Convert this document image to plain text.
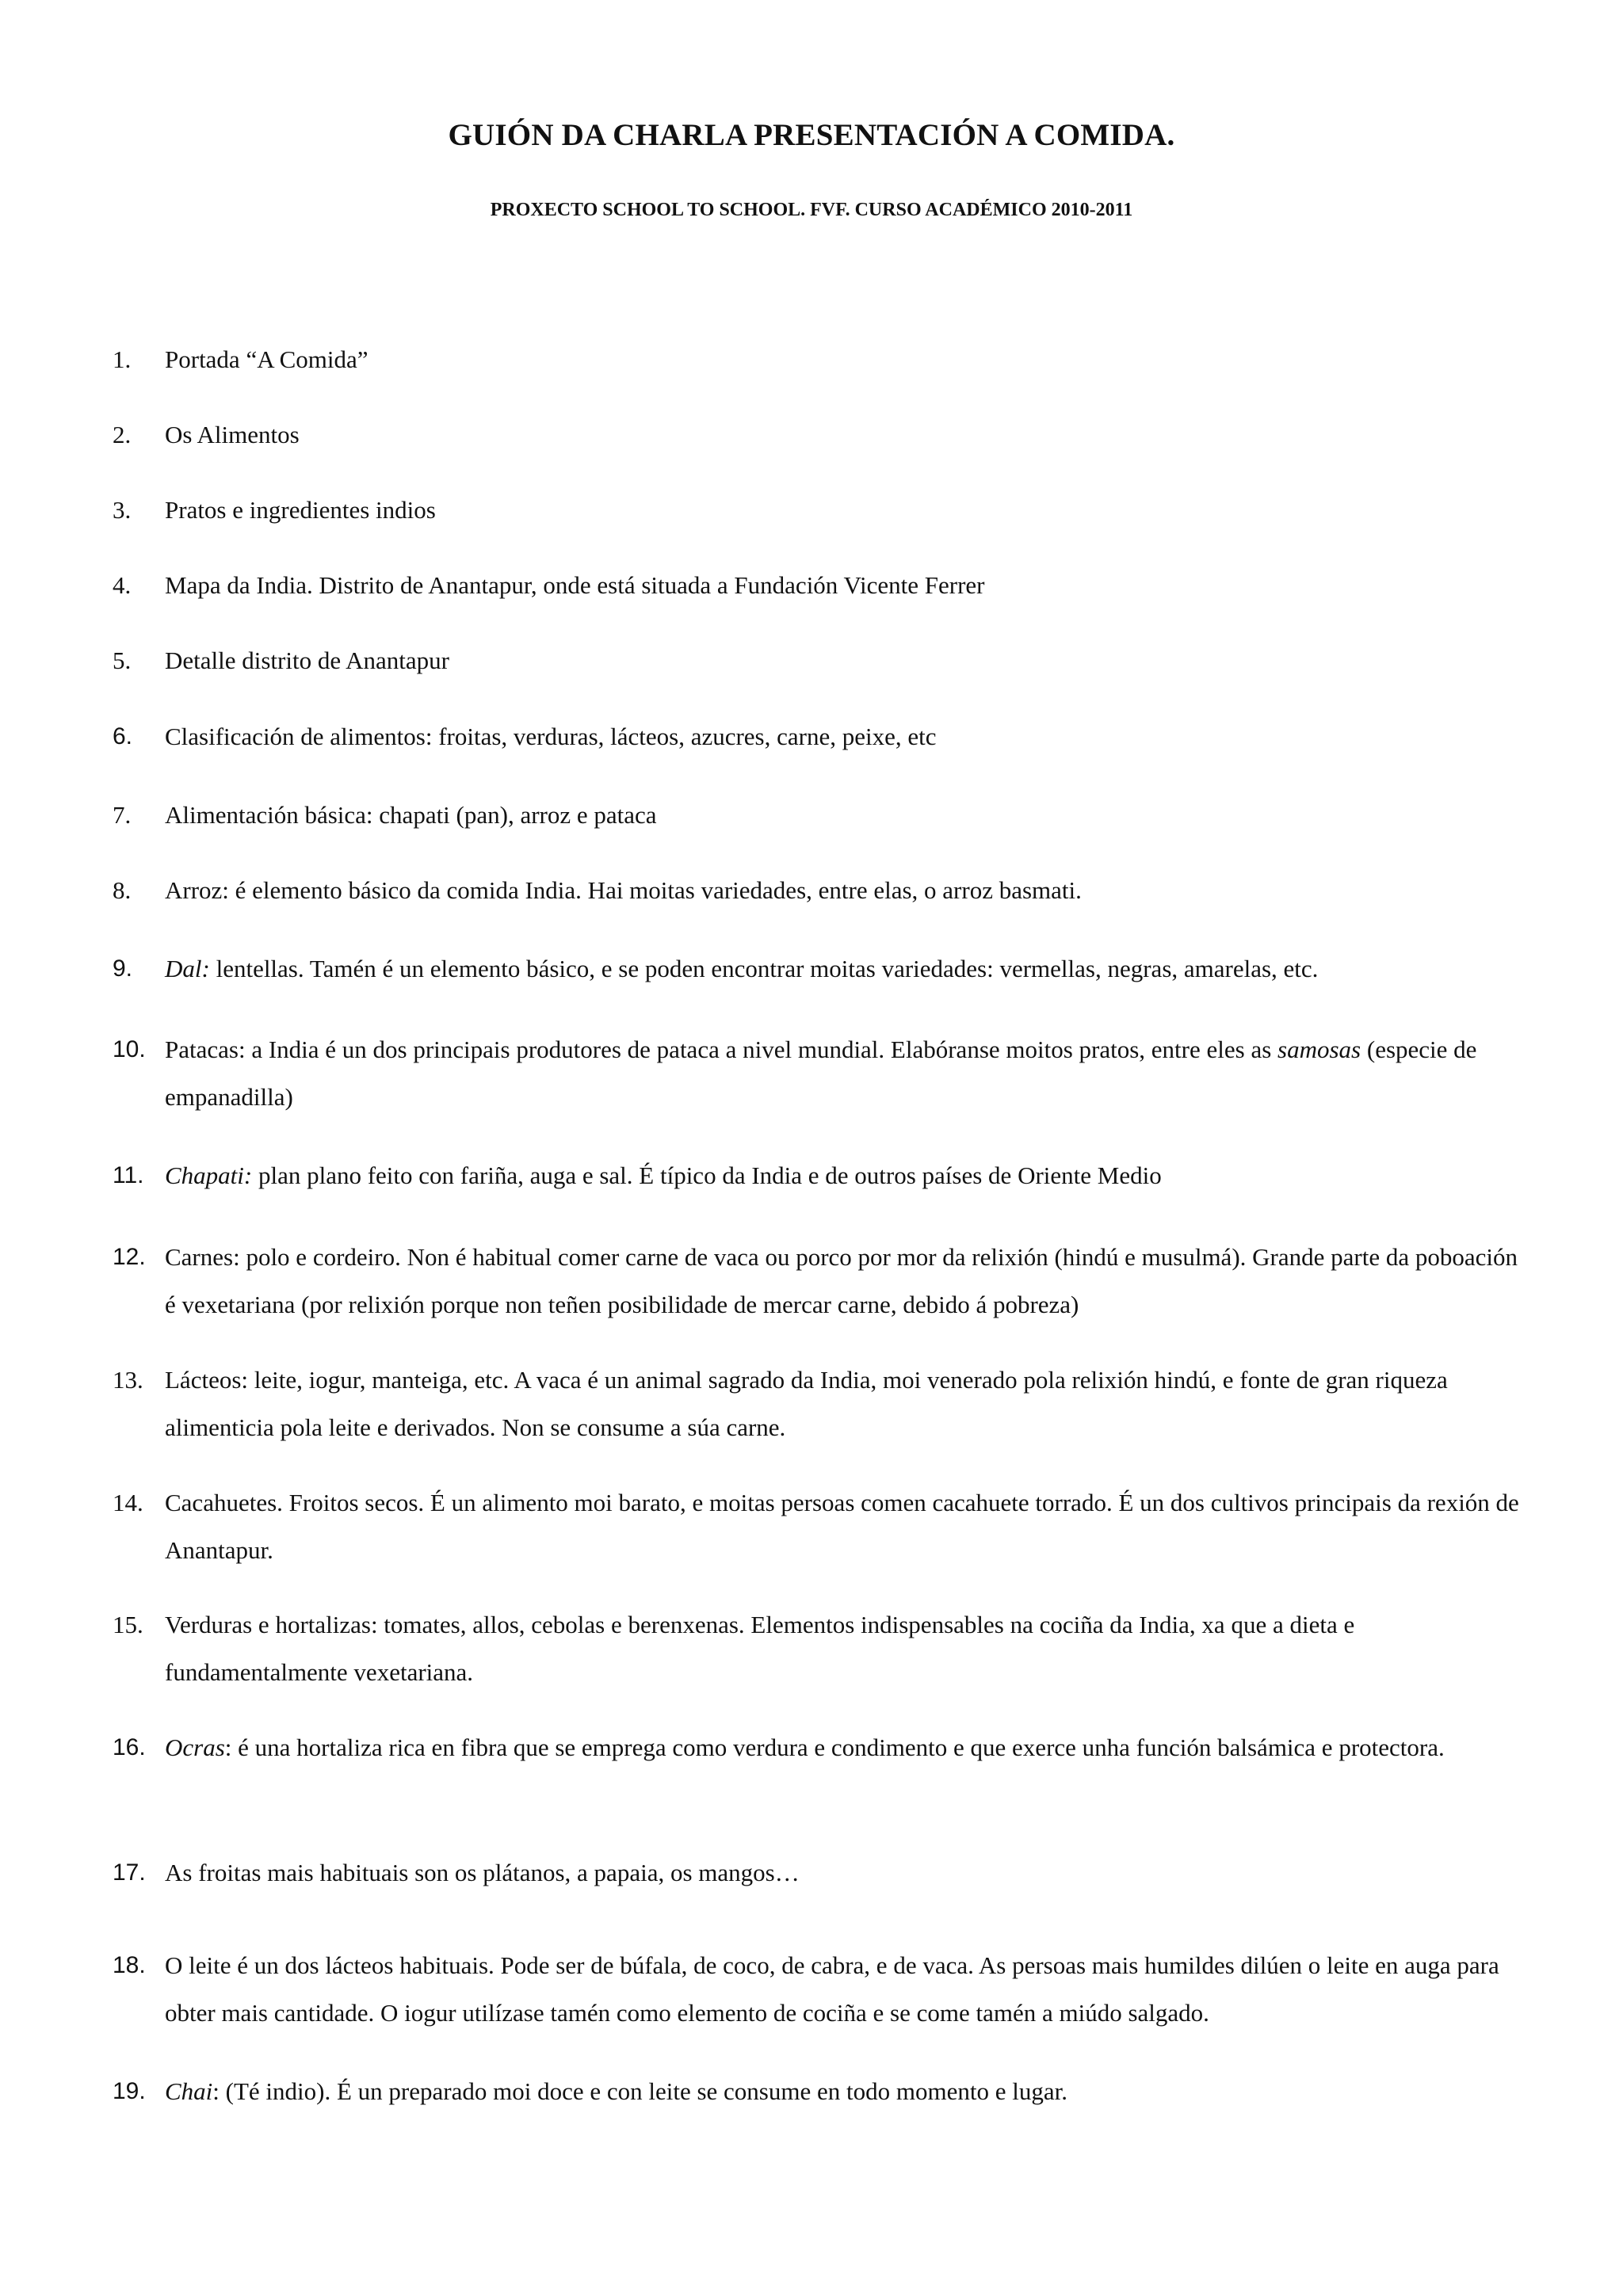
GUIÓN DA CHARLA PRESENTACIÓN A COMIDA.
PROXECTO SCHOOL TO SCHOOL. FVF. CURSO ACADÉMICO 2010-2011
1.	Portada “A Comida”
2.	Os Alimentos
3.	Pratos e ingredientes indios
4.	Mapa da India. Distrito de Anantapur, onde está situada a Fundación Vicente Ferrer
5.	Detalle distrito de Anantapur
6.	Clasificación de alimentos: froitas, verduras, lácteos, azucres, carne, peixe, etc
7.	Alimentación básica: chapati (pan), arroz e pataca
8.	Arroz: é elemento básico da comida India. Hai moitas variedades, entre elas, o arroz basmati.
9.	Dal: lentellas. Tamén é un elemento básico, e se poden encontrar moitas variedades: vermellas, negras, amarelas, etc.
10. Patacas: a India é un dos principais produtores de pataca a nivel mundial. Elabóranse moitos pratos, entre eles as samosas (especie de empanadilla)
11. Chapati: plan plano feito con fariña, auga e sal. É típico da India e de outros países de Oriente Medio
12. Carnes: polo e cordeiro. Non é habitual comer carne de vaca ou porco por mor da relixión (hindú e musulmá). Grande parte da poboación é vexetariana (por relixión porque non teñen posibilidade de mercar carne, debido á pobreza)
13. Lácteos: leite, iogur, manteiga, etc. A vaca é un animal sagrado da India, moi venerado pola relixión hindú, e fonte de gran riqueza alimenticia pola leite e derivados. Non se consume a súa carne.
14. Cacahuetes. Froitos secos. É un alimento moi barato, e moitas persoas comen cacahuete torrado. É un dos cultivos principais da rexión de Anantapur.
15. Verduras e hortalizas: tomates, allos, cebolas e berenxenas. Elementos indispensables na cociña da India, xa que a dieta e fundamentalmente vexetariana.
16. Ocras: é una hortaliza rica en fibra que se emprega como verdura e condimento e que exerce unha función balsámica e protectora.
17. As froitas mais habituais son os plátanos, a papaia, os mangos…
18. O leite é un dos lácteos habituais. Pode ser de búfala, de coco, de cabra, e de vaca. As persoas mais humildes dilúen o leite en auga para obter mais cantidade. O iogur utilízase tamén como elemento de cociña e se come tamén a miúdo salgado.
19. Chai: (Té indio). É un preparado moi doce e con leite se consume en todo momento e lugar.
